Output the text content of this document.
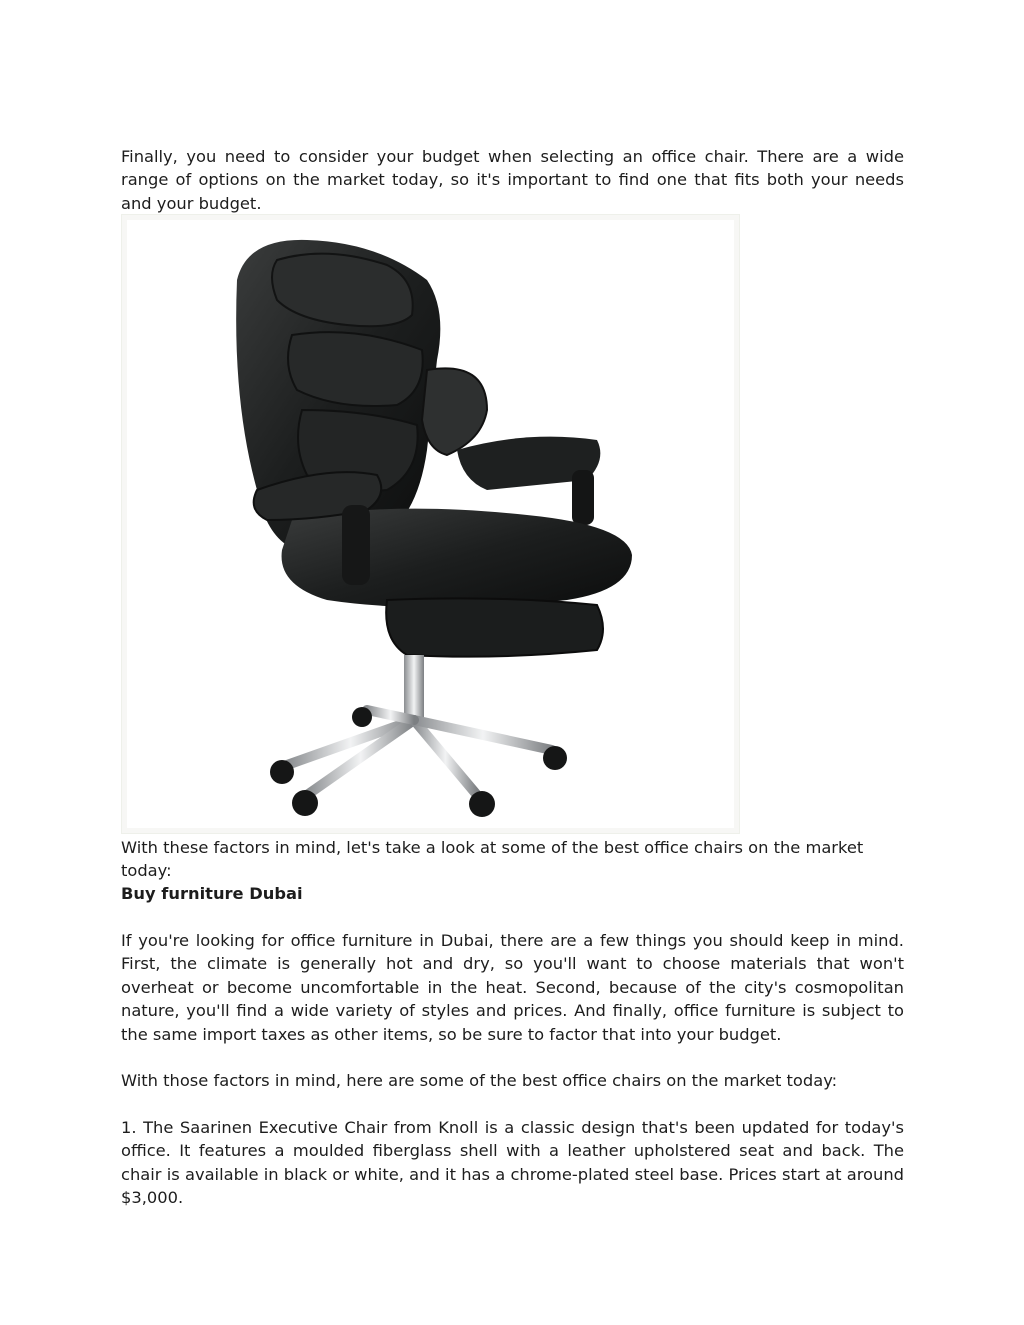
Finally, you need to consider your budget when selecting an office chair. There are a wide range of options on the market today, so it's important to find one that fits both your needs and your budget.

With these factors in mind, let's take a look at some of the best office chairs on the market today:

Buy furniture Dubai

If you're looking for office furniture in Dubai, there are a few things you should keep in mind. First, the climate is generally hot and dry, so you'll want to choose materials that won't overheat or become uncomfortable in the heat. Second, because of the city's cosmopolitan nature, you'll find a wide variety of styles and prices. And finally, office furniture is subject to the same import taxes as other items, so be sure to factor that into your budget.

With those factors in mind, here are some of the best office chairs on the market today:

1. The Saarinen Executive Chair from Knoll is a classic design that's been updated for today's office. It features a moulded fiberglass shell with a leather upholstered seat and back. The chair is available in black or white, and it has a chrome-plated steel base. Prices start at around $3,000.
